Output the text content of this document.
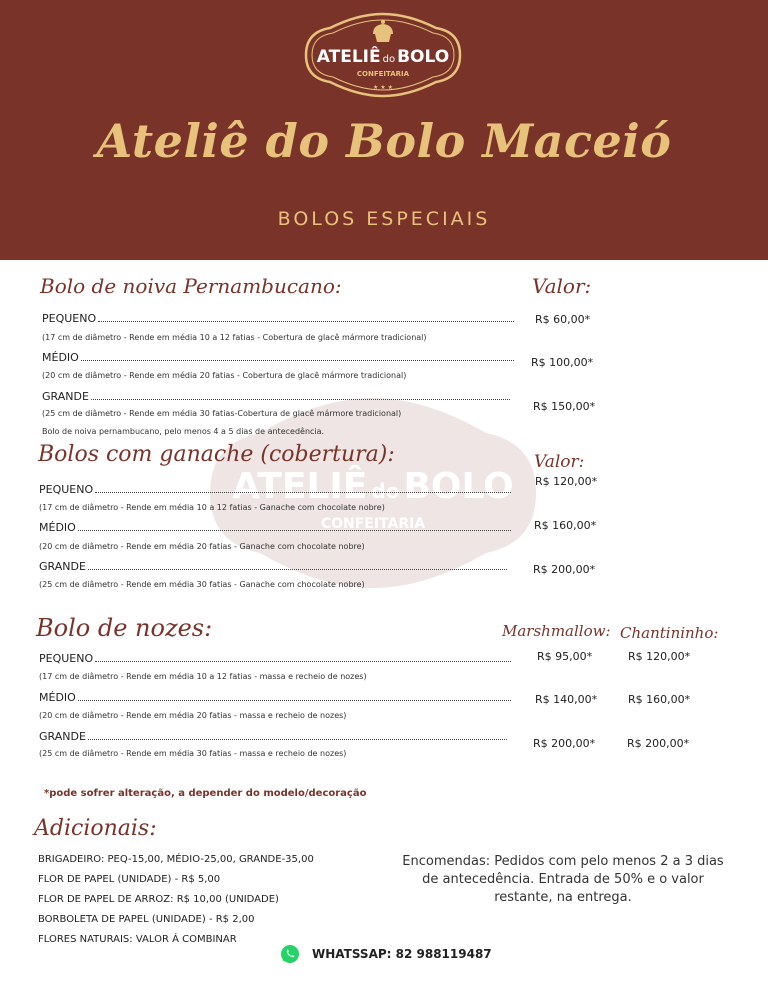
ATELIÊ do BOLO
CONFEITARIA
★ ★ ★
Ateliê do Bolo Maceió
BOLOS ESPECIAIS
ATELIÊ do BOLO
CONFEITARIA
Bolo de noiva Pernambucano:	Valor:
PEQUENO
(17 cm de diâmetro - Rende em média 10 a 12 fatias - Cobertura de glacê mármore tradicional)
R$ 60,00*
MÉDIO
(20 cm de diâmetro - Rende em média 20 fatias - Cobertura de glacê mármore tradicional)
R$ 100,00*
GRANDE
(25 cm de diâmetro - Rende em média 30 fatias-Cobertura de glacê mármore tradicional)
R$ 150,00*
Bolo de noiva pernambucano, pelo menos 4 a 5 dias de antecedência.
Bolos com ganache (cobertura):	Valor:
PEQUENO
(17 cm de diâmetro - Rende em média 10 a 12 fatias - Ganache com chocolate nobre)
R$ 120,00*
MÉDIO
(20 cm de diâmetro - Rende em média 20 fatias - Ganache com chocolate nobre)
R$ 160,00*
GRANDE
(25 cm de diâmetro - Rende em média 30 fatias - Ganache com chocolate nobre)
R$ 200,00*
Bolo de nozes:	Marshmallow: Chantininho:
PEQUENO
(17 cm de diâmetro - Rende em média 10 a 12 fatias - massa e recheio de nozes)
R$ 95,00*	R$ 120,00*
MÉDIO
(20 cm de diâmetro - Rende em média 20 fatias - massa e recheio de nozes)
R$ 140,00*	R$ 160,00*
GRANDE
(25 cm de diâmetro - Rende em média 30 fatias - massa e recheio de nozes)
R$ 200,00*	R$ 200,00*
*pode sofrer alteração, a depender do modelo/decoração
Adicionais:
BRIGADEIRO: PEQ-15,00, MÉDIO-25,00, GRANDE-35,00
FLOR DE PAPEL (UNIDADE) - R$ 5,00
FLOR DE PAPEL DE ARROZ: R$ 10,00 (UNIDADE)
BORBOLETA DE PAPEL (UNIDADE) - R$ 2,00
FLORES NATURAIS: VALOR Á COMBINAR
Encomendas: Pedidos com pelo menos 2 a 3 dias de antecedência. Entrada de 50% e o valor restante, na entrega.
WHATSSAP: 82 988119487
